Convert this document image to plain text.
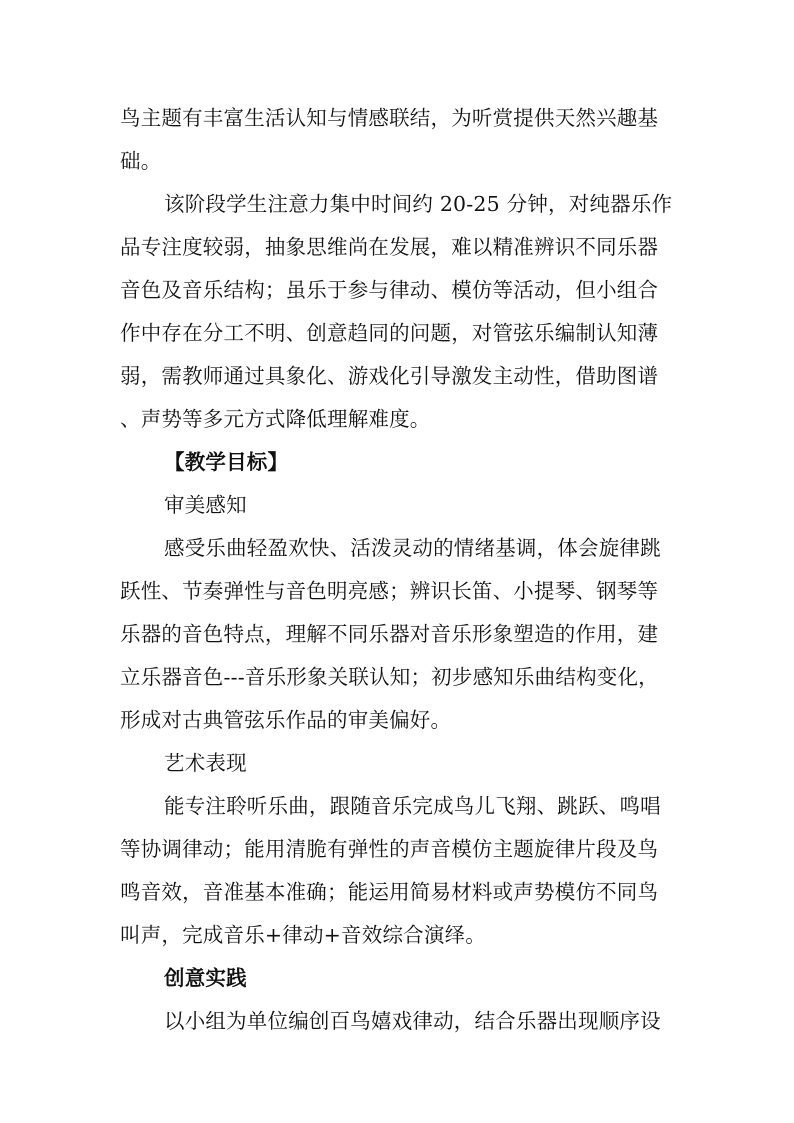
鸟主题有丰富生活认知与情感联结，为听赏提供天然兴趣基
础。
该阶段学生注意力集中时间约 20-25 分钟，对纯器乐作
品专注度较弱，抽象思维尚在发展，难以精准辨识不同乐器
音色及音乐结构；虽乐于参与律动、模仿等活动，但小组合
作中存在分工不明、创意趋同的问题，对管弦乐编制认知薄
弱，需教师通过具象化、游戏化引导激发主动性，借助图谱
、声势等多元方式降低理解难度。
【教学目标】
审美感知
感受乐曲轻盈欢快、活泼灵动的情绪基调，体会旋律跳
跃性、节奏弹性与音色明亮感；辨识长笛、小提琴、钢琴等
乐器的音色特点，理解不同乐器对音乐形象塑造的作用，建
立乐器音色---音乐形象关联认知；初步感知乐曲结构变化，
形成对古典管弦乐作品的审美偏好。
艺术表现
能专注聆听乐曲，跟随音乐完成鸟儿飞翔、跳跃、鸣唱
等协调律动；能用清脆有弹性的声音模仿主题旋律片段及鸟
鸣音效，音准基本准确；能运用简易材料或声势模仿不同鸟
叫声，完成音乐+律动+音效综合演绎。
创意实践
以小组为单位编创百鸟嬉戏律动，结合乐器出现顺序设
